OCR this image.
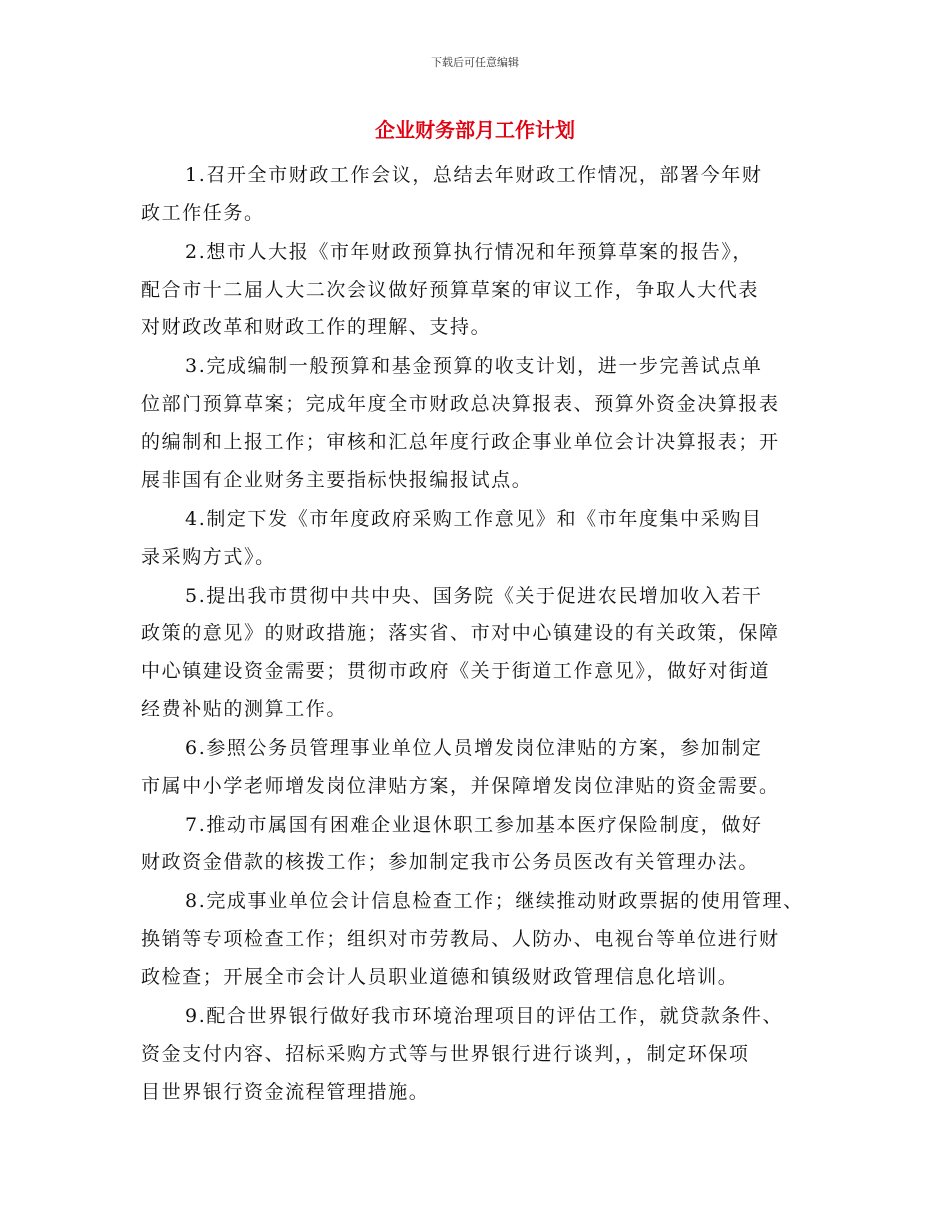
下载后可任意编辑
企业财务部月工作计划
1.召开全市财政工作会议，总结去年财政工作情况，部署今年财
政工作任务。
2.想市人大报《市年财政预算执行情况和年预算草案的报告》，
配合市十二届人大二次会议做好预算草案的审议工作，争取人大代表
对财政改革和财政工作的理解、支持。
3.完成编制一般预算和基金预算的收支计划，进一步完善试点单
位部门预算草案；完成年度全市财政总决算报表、预算外资金决算报表
的编制和上报工作；审核和汇总年度行政企事业单位会计决算报表；开
展非国有企业财务主要指标快报编报试点。
4.制定下发《市年度政府采购工作意见》和《市年度集中采购目
录采购方式》。
5.提出我市贯彻中共中央、国务院《关于促进农民增加收入若干
政策的意见》的财政措施；落实省、市对中心镇建设的有关政策，保障
中心镇建设资金需要；贯彻市政府《关于街道工作意见》，做好对街道
经费补贴的测算工作。
6.参照公务员管理事业单位人员增发岗位津贴的方案，参加制定
市属中小学老师增发岗位津贴方案，并保障增发岗位津贴的资金需要。
7.推动市属国有困难企业退休职工参加基本医疗保险制度，做好
财政资金借款的核拨工作；参加制定我市公务员医改有关管理办法。
8.完成事业单位会计信息检查工作；继续推动财政票据的使用管理、
换销等专项检查工作；组织对市劳教局、人防办、电视台等单位进行财
政检查；开展全市会计人员职业道德和镇级财政管理信息化培训。
9.配合世界银行做好我市环境治理项目的评估工作，就贷款条件、
资金支付内容、招标采购方式等与世界银行进行谈判，，制定环保项
目世界银行资金流程管理措施。
